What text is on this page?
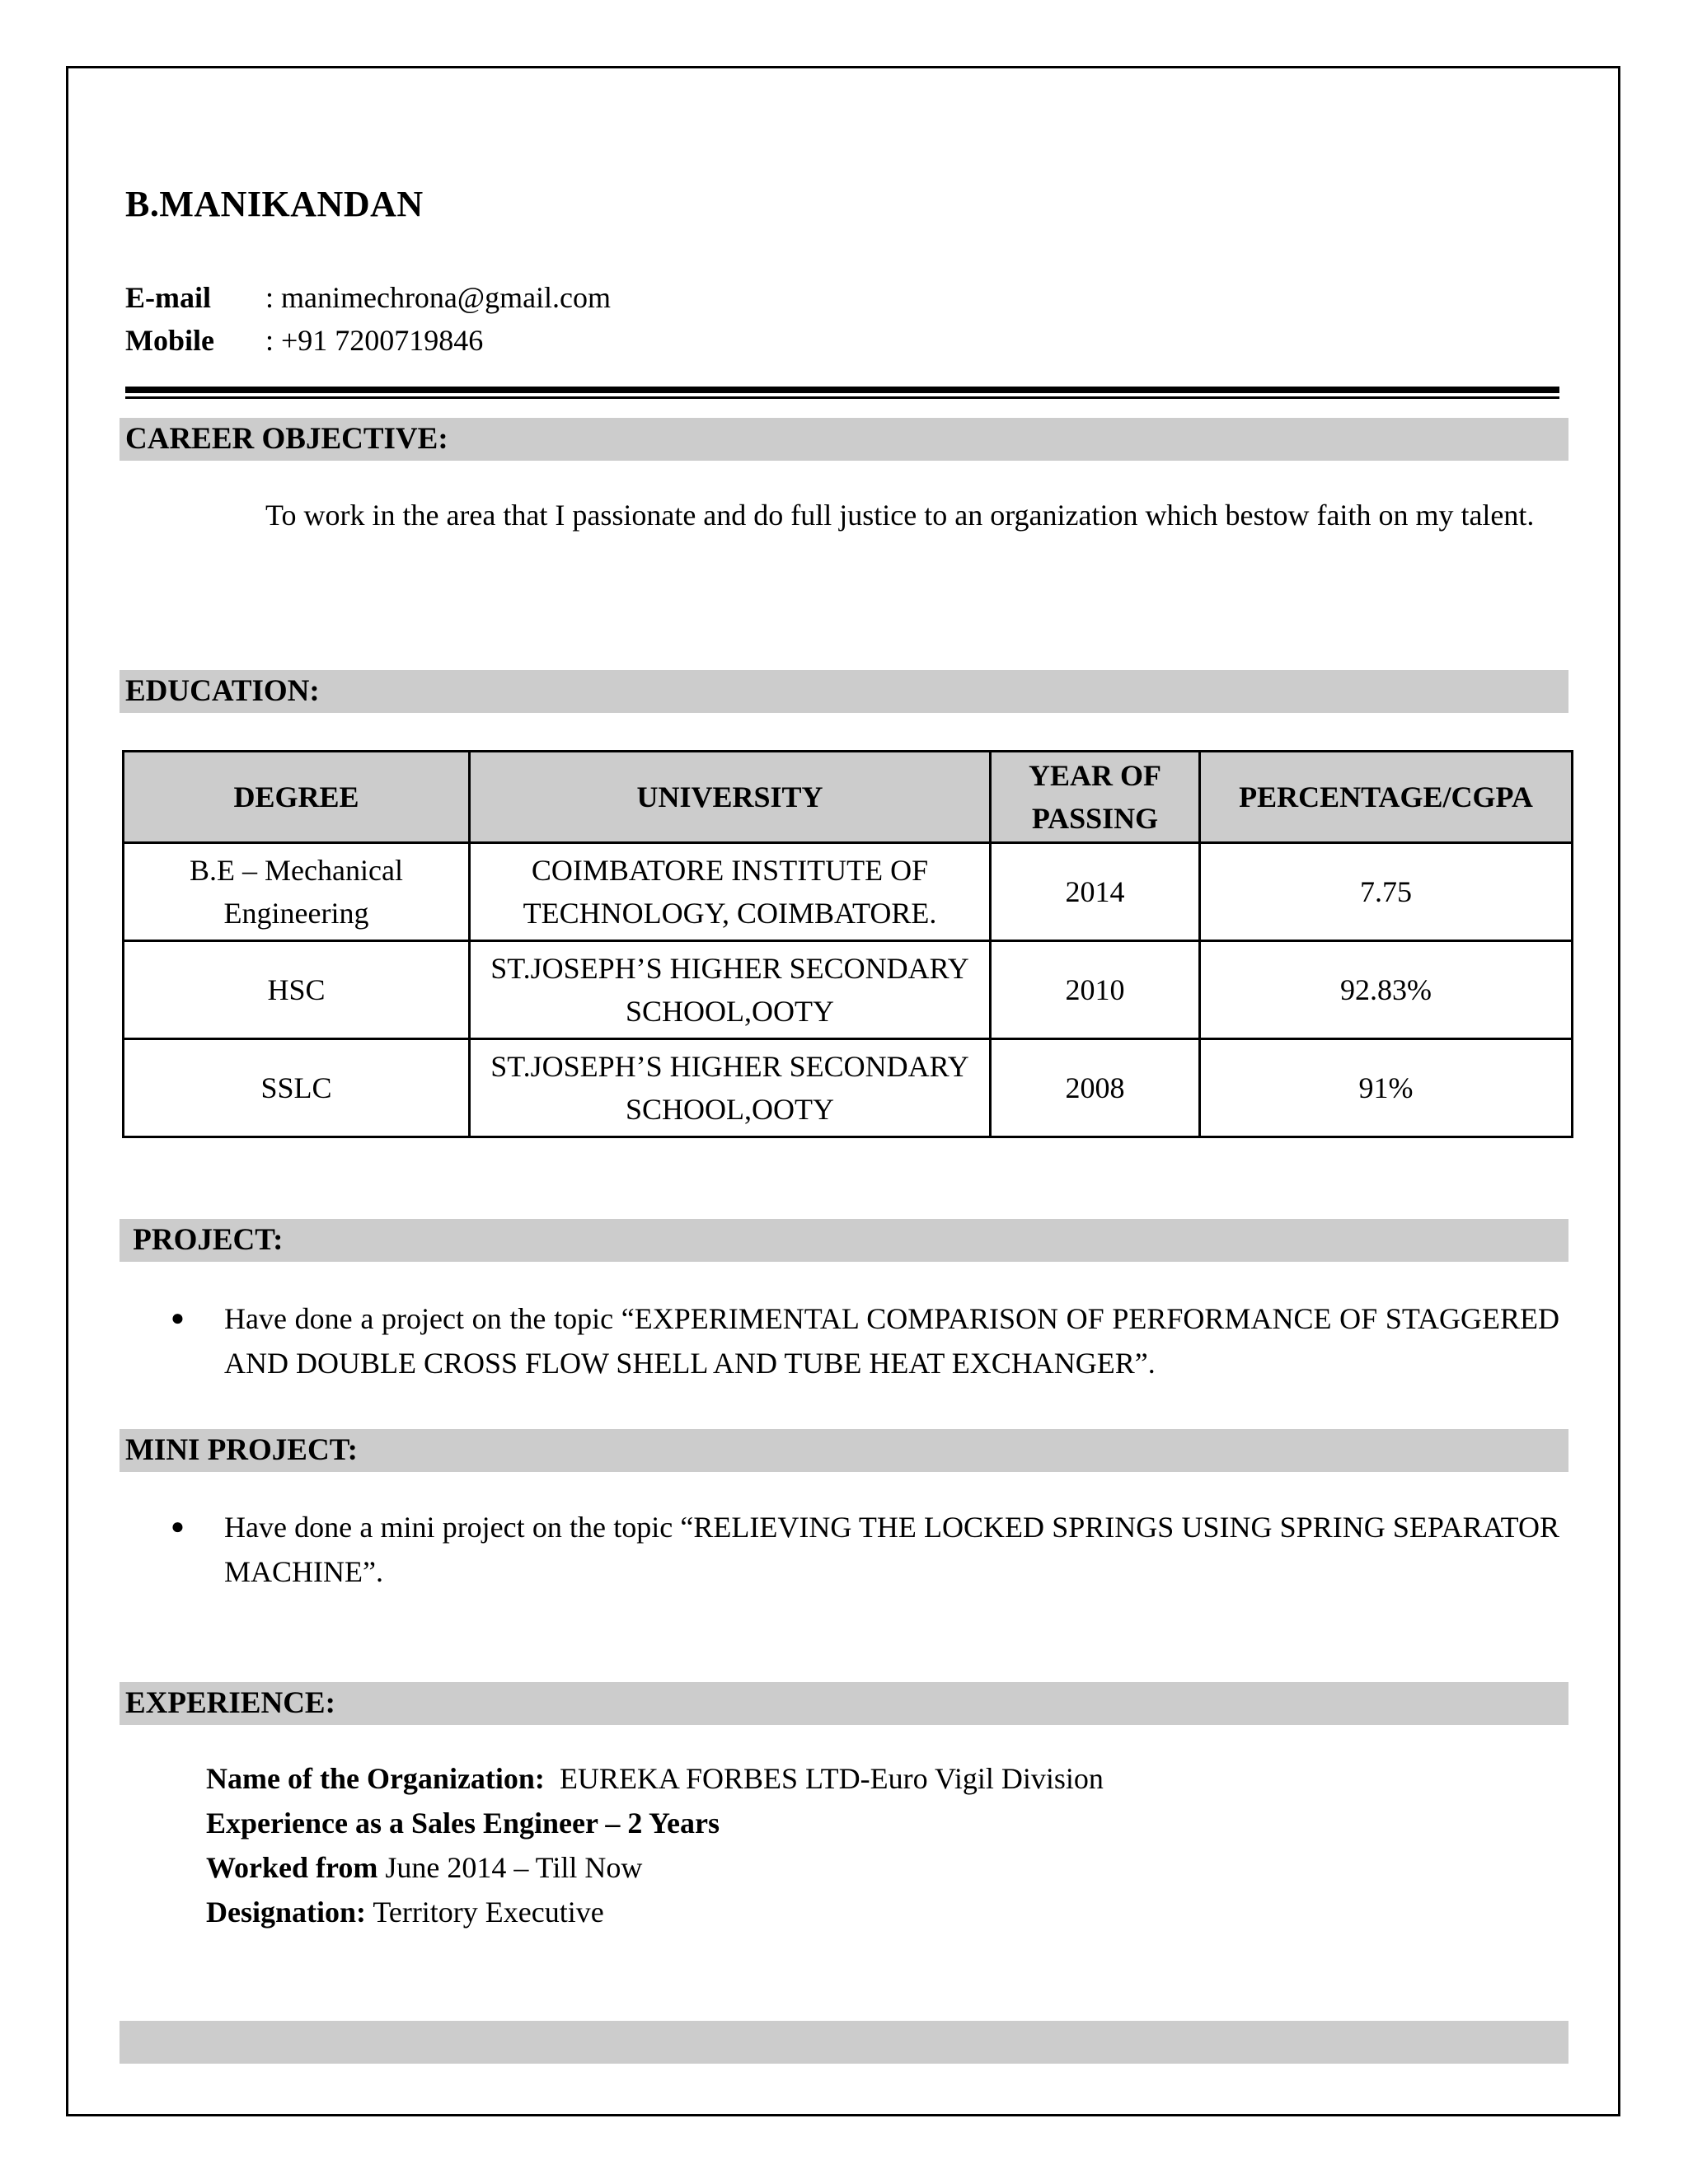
B.MANIKANDAN
E-mail : manimechrona@gmail.com
Mobile : +91 7200719846
CAREER OBJECTIVE:
To work in the area that I passionate and do full justice to an organization which bestow faith on my talent.
EDUCATION:
DEGREE	UNIVERSITY	YEAR OF PASSING	PERCENTAGE/CGPA
B.E – Mechanical Engineering	COIMBATORE INSTITUTE OF TECHNOLOGY, COIMBATORE.	2014	7.75
HSC	ST.JOSEPH’S HIGHER SECONDARY SCHOOL,OOTY	2010	92.83%
SSLC	ST.JOSEPH’S HIGHER SECONDARY SCHOOL,OOTY	2008	91%
PROJECT:
● Have done a project on the topic “EXPERIMENTAL COMPARISON OF PERFORMANCE OF STAGGERED AND DOUBLE CROSS FLOW SHELL AND TUBE HEAT EXCHANGER”.
MINI PROJECT:
● Have done a mini project on the topic “RELIEVING THE LOCKED SPRINGS USING SPRING SEPARATOR MACHINE”.
EXPERIENCE:
Name of the Organization: EUREKA FORBES LTD-Euro Vigil Division
Experience as a Sales Engineer – 2 Years
Worked from June 2014 – Till Now
Designation: Territory Executive
